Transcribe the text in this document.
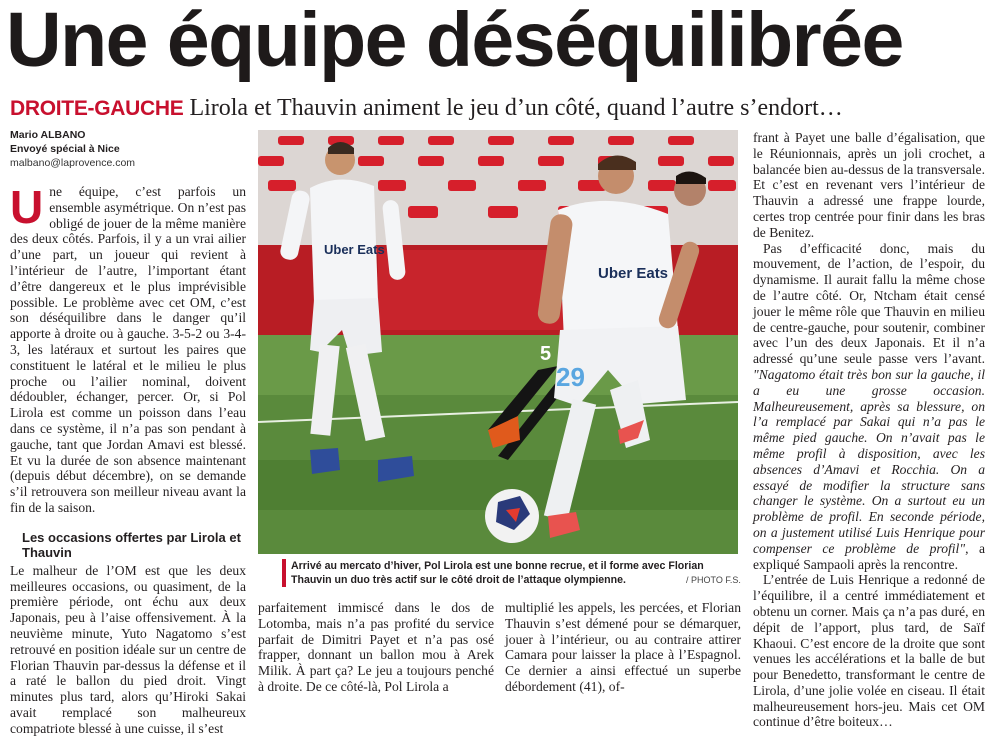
Une équipe déséquilibrée
DROITE-GAUCHE Lirola et Thauvin animent le jeu d’un côté, quand l’autre s’endort…
Mario ALBANO
Envoyé spécial à Nice
malbano@laprovence.com

Une équipe, c’est parfois un ensemble asymétrique. On n’est pas obligé de jouer de la même manière des deux côtés. Parfois, il y a un vrai ailier d’une part, un joueur qui revient à l’intérieur de l’autre, l’important étant d’être dangereux et le plus imprévisible possible. Le problème avec cet OM, c’est son déséquilibre dans le danger qu’il apporte à droite ou à gauche. 3-5-2 ou 3-4-3, les latéraux et surtout les paires que constituent le latéral et le milieu le plus proche ou l’ailier nominal, doivent dédoubler, échanger, percer. Or, si Pol Lirola est comme un poisson dans l’eau dans ce système, il n’a pas son pendant à gauche, tant que Jordan Amavi est blessé. Et vu la durée de son absence maintenant (depuis début décembre), on se demande s’il retrouvera son meilleur niveau avant la fin de la saison.

Les occasions offertes par Lirola et Thauvin

Le malheur de l’OM est que les deux meilleures occasions, ou quasiment, de la première période, ont échu aux deux Japonais, peu à l’aise offensivement. À la neuvième minute, Yuto Nagatomo s’est retrouvé en position idéale sur un centre de Florian Thauvin par-dessus la défense et il a raté le ballon du pied droit. Vingt minutes plus tard, alors qu’Hiroki Sakai avait remplacé son malheureux compatriote blessé à une cuisse, il s’est

Uber Eats
5
Uber Eats
29
Arrivé au mercato d’hiver, Pol Lirola est une bonne recrue, et il forme avec Florian Thauvin un duo très actif sur le côté droit de l’attaque olympienne.	/ PHOTO F.S.

parfaitement immiscé dans le dos de Lotomba, mais n’a pas profité du service parfait de Dimitri Payet et n’a pas osé frapper, donnant un ballon mou à Arek Milik. À part ça? Le jeu a toujours penché à droite. De ce côté-là, Pol Lirola a

multiplié les appels, les percées, et Florian Thauvin s’est démené pour se démarquer, jouer à l’intérieur, ou au contraire attirer Camara pour laisser la place à l’Espagnol. Ce dernier a ainsi effectué un superbe débordement (41), of-

frant à Payet une balle d’égalisation, que le Réunionnais, après un joli crochet, a balancée bien au-dessus de la transversale. Et c’est en revenant vers l’intérieur de Thauvin a adressé une frappe lourde, certes trop centrée pour finir dans les bras de Benitez.

Pas d’efficacité donc, mais du mouvement, de l’action, de l’espoir, du dynamisme. Il aurait fallu la même chose de l’autre côté. Or, Ntcham était censé jouer le même rôle que Thauvin en milieu de centre-gauche, pour soutenir, combiner avec l’un des deux Japonais. Et il n’a adressé qu’une seule passe vers l’avant. "Nagatomo était très bon sur la gauche, il a eu une grosse occasion. Malheureusement, après sa blessure, on l’a remplacé par Sakai qui n’a pas le même pied gauche. On n’avait pas le même profil à disposition, avec les absences d’Amavi et Rocchia. On a essayé de modifier la structure sans changer le système. On a surtout eu un problème de profil. En seconde période, on a justement utilisé Luis Henrique pour compenser ce problème de profil", a expliqué Sampaoli après la rencontre.

L’entrée de Luis Henrique a redonné de l’équilibre, il a centré immédiatement et obtenu un corner. Mais ça n’a pas duré, en dépit de l’apport, plus tard, de Saïf Khaoui. C’est encore de la droite que sont venues les accélérations et la balle de but pour Benedetto, transformant le centre de Lirola, d’une jolie volée en ciseau. Il était malheureusement hors-jeu. Mais cet OM continue d’être boiteux…
